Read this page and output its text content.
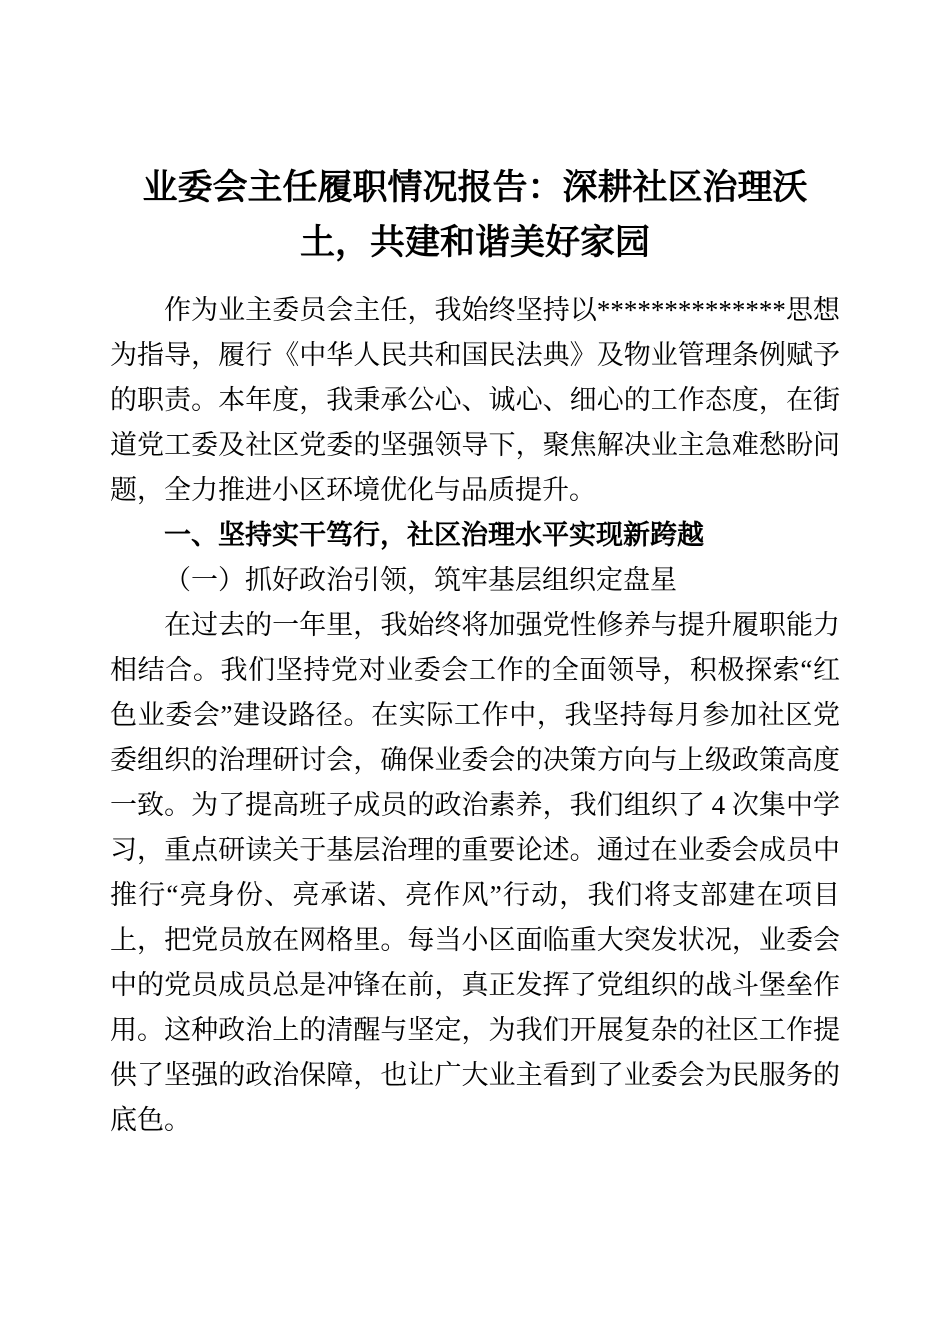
业委会主任履职情况报告：深耕社区治理沃土，共建和谐美好家园

作为业主委员会主任，我始终坚持以**************思想为指导，履行《中华人民共和国民法典》及物业管理条例赋予的职责。本年度，我秉承公心、诚心、细心的工作态度，在街道党工委及社区党委的坚强领导下，聚焦解决业主急难愁盼问题，全力推进小区环境优化与品质提升。

一、坚持实干笃行，社区治理水平实现新跨越
（一）抓好政治引领，筑牢基层组织定盘星

在过去的一年里，我始终将加强党性修养与提升履职能力相结合。我们坚持党对业委会工作的全面领导，积极探索“红色业委会”建设路径。在实际工作中，我坚持每月参加社区党委组织的治理研讨会，确保业委会的决策方向与上级政策高度一致。为了提高班子成员的政治素养，我们组织了 4 次集中学习，重点研读关于基层治理的重要论述。通过在业委会成员中推行“亮身份、亮承诺、亮作风”行动，我们将支部建在项目上，把党员放在网格里。每当小区面临重大突发状况，业委会中的党员成员总是冲锋在前，真正发挥了党组织的战斗堡垒作用。这种政治上的清醒与坚定，为我们开展复杂的社区工作提供了坚强的政治保障，也让广大业主看到了业委会为民服务的底色。
